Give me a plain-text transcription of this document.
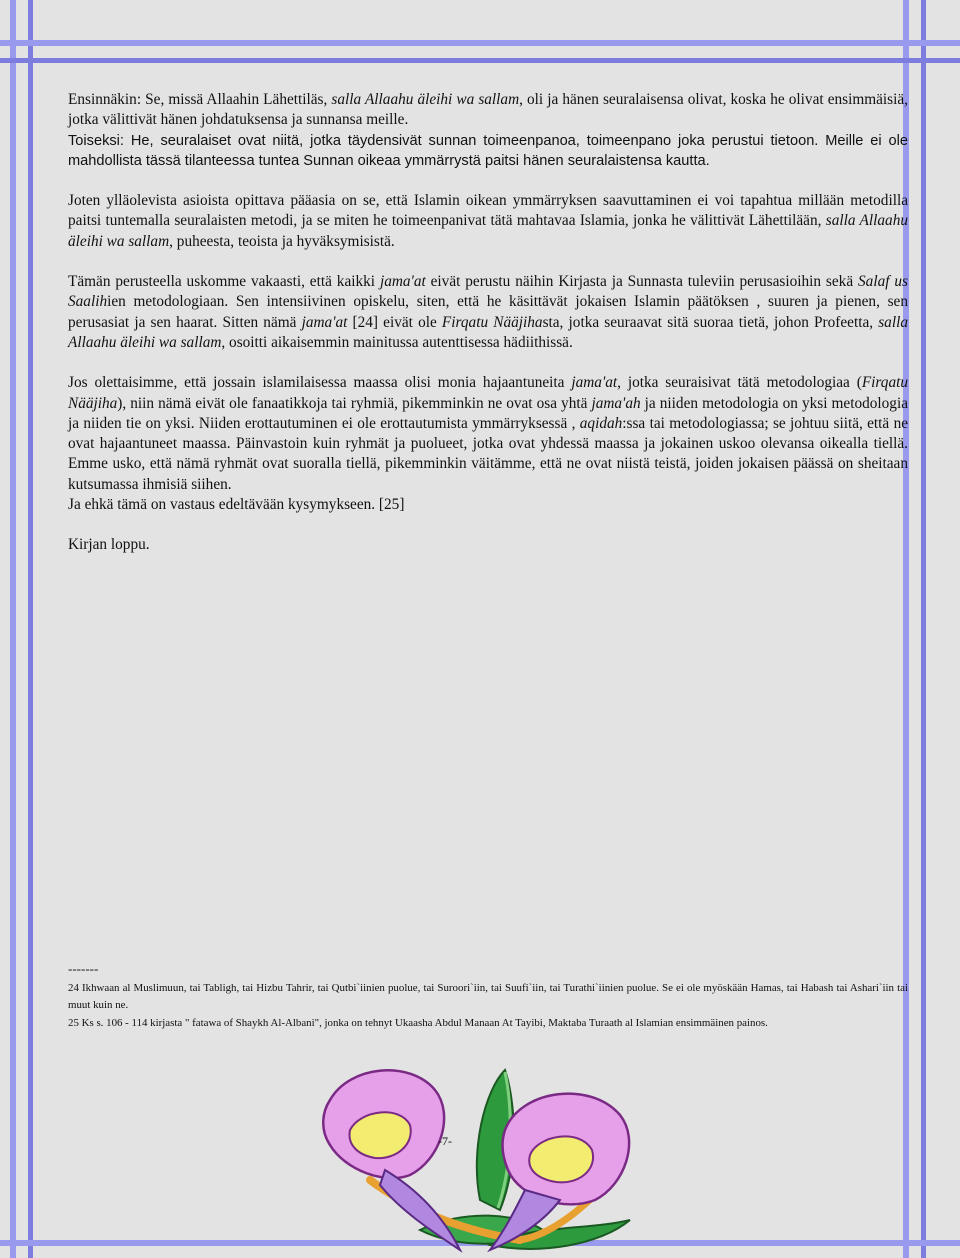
Ensinnäkin: Se, missä Allaahin Lähettiläs, salla Allaahu äleihi wa sallam, oli ja hänen seuralaisensa olivat, koska he olivat ensimmäisiä, jotka välittivät hänen johdatuksensa ja sunnansa meille.
Toiseksi: He, seuralaiset ovat niitä, jotka täydensivät sunnan toimeenpanoa, toimeenpano joka perustui tietoon. Meille ei ole mahdollista tässä tilanteessa tuntea Sunnan oikeaa ymmärrystä paitsi hänen seuralaistensa kautta.

Joten ylläolevista asioista opittava pääasia on se, että Islamin oikean ymmärryksen saavuttaminen ei voi tapahtua millään metodilla paitsi tuntemalla seuralaisten metodi, ja se miten he toimeenpanivat tätä mahtavaa Islamia, jonka he välittivät Lähettilään, salla Allaahu äleihi wa sallam, puheesta, teoista ja hyväksymisistä.

Tämän perusteella uskomme vakaasti, että kaikki jama'at eivät perustu näihin Kirjasta ja Sunnasta tuleviin perusasioihin sekä Salaf us Saalihien metodologiaan. Sen intensiivinen opiskelu, siten, että he käsittävät jokaisen Islamin päätöksen , suuren ja pienen, sen perusasiat ja sen haarat. Sitten nämä jama'at [24] eivät ole Firqatu Nääjihasta, jotka seuraavat sitä suoraa tietä, johon Profeetta, salla Allaahu äleihi wa sallam, osoitti aikaisemmin mainitussa autenttisessa hädiithissä.

Jos olettaisimme, että jossain islamilaisessa maassa olisi monia hajaantuneita jama'at, jotka seuraisivat tätä metodologiaa (Firqatu Nääjiha), niin nämä eivät ole fanaatikkoja tai ryhmiä, pikemminkin ne ovat osa yhtä jama'ah ja niiden metodologia on yksi metodologia ja niiden tie on yksi. Niiden erottautuminen ei ole erottautumista ymmärryksessä , aqidah:ssa tai metodologiassa; se johtuu siitä, että ne ovat hajaantuneet maassa. Päinvastoin kuin ryhmät ja puolueet, jotka ovat yhdessä maassa ja jokainen uskoo olevansa oikealla tiellä. Emme usko, että nämä ryhmät ovat suoralla tiellä, pikemminkin väitämme, että ne ovat niistä teistä, joiden jokaisen päässä on sheitaan kutsumassa ihmisiä siihen.
Ja ehkä tämä on vastaus edeltävään kysymykseen. [25]

Kirjan loppu.

-------
24 Ikhwaan al Muslimuun, tai Tabligh, tai Hizbu Tahrir, tai Qutbi`iinien puolue, tai Suroori`iin, tai Suufi`iin, tai Turathi`iinien puolue. Se ei ole myöskään Hamas, tai Habash tai Ashari`iin tai muut kuin ne.
25 Ks s. 106 - 114 kirjasta " fatawa of Shaykh Al-Albani", jonka on tehnyt Ukaasha Abdul Manaan At Tayibi, Maktaba Turaath al Islamian ensimmäinen painos.
-7-
